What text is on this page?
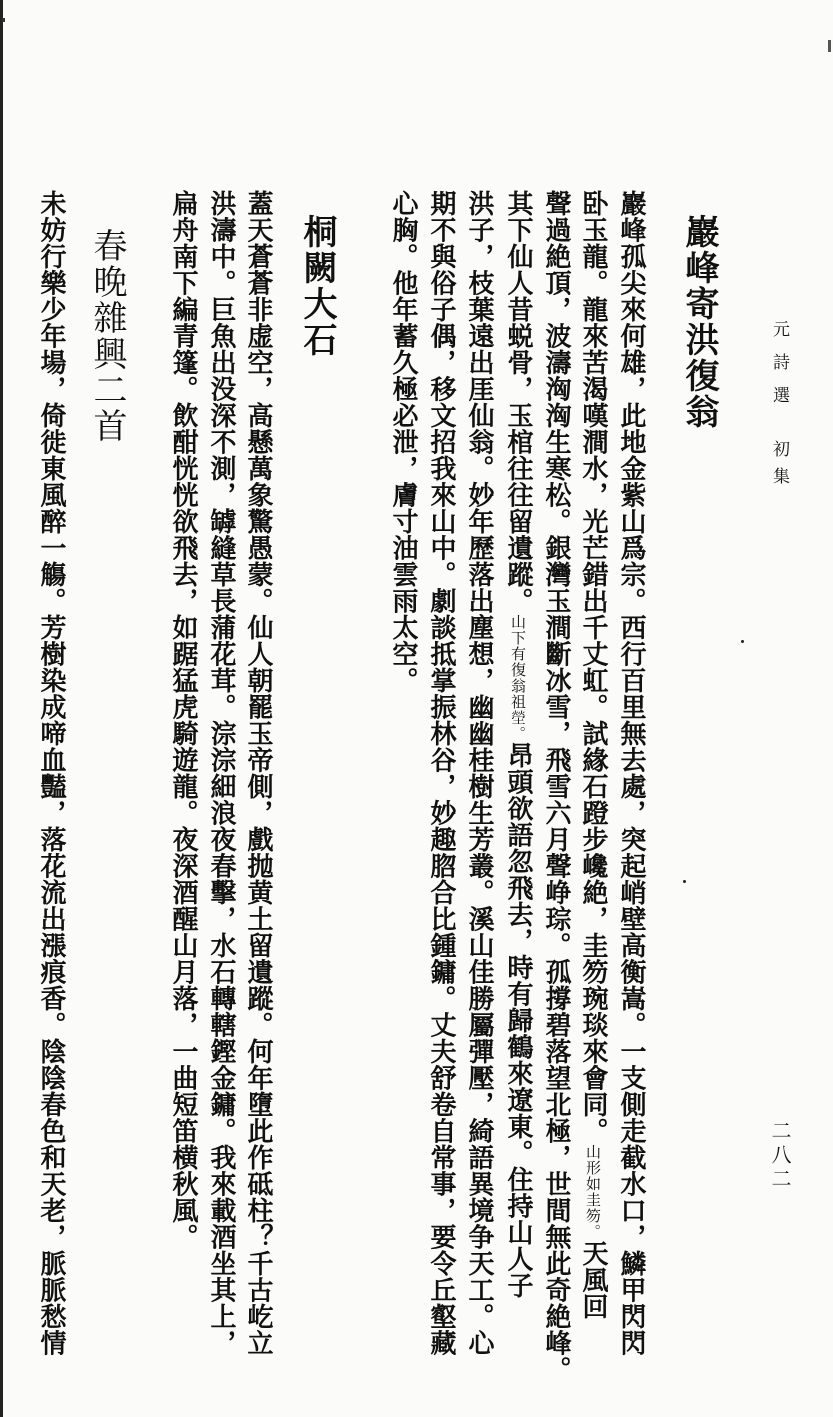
元詩選
初集
二八二
巖峰寄洪復翁
巖峰孤尖來何雄，此地金紫山爲宗。西行百里無去處，突起峭壁高衡嵩。一支側走截水口，鱗甲閃閃
卧玉龍。龍來苦渴嘆澗水，光芒錯出千丈虹。試緣石蹬步巉絶，圭笏琬琰來會同。山形如圭笏。天風回
聲過絶頂，波濤洶洶生寒松。銀灣玉澗斷冰雪，飛雪六月聲峥琮。孤撐碧落望北極，世間無此奇絶峰。
其下仙人昔蜕骨，玉棺往往留遺蹤。山下有復翁祖塋。昂頭欲語忽飛去，時有歸鶴來遼東。住持山人子
洪子，枝葉遠出厓仙翁。妙年歷落出塵想，幽幽桂樹生芳叢。溪山佳勝屬彈壓，綺語異境争天工。心
期不與俗子偶，移文招我來山中。劇談抵掌振林谷，妙趣脗合比鍾鏞。丈夫舒卷自常事，要令丘壑藏
心胸。他年蓄久極必泄，膚寸油雲雨太空。
桐闕大石
蓋天蒼蒼非虚空，高懸萬象驚愚蒙。仙人朝罷玉帝側，戲抛黄土留遺蹤。何年墮此作砥柱？千古屹立
洪濤中。巨魚出没深不測，罅縫草長蒲花茸。淙淙細浪夜春擊，水石轉轄鏗金鏞。我來載酒坐其上，
扁舟南下編青篷。飲酣恍恍欲飛去，如踞猛虎騎遊龍。夜深酒醒山月落，一曲短笛横秋風。
春晚雜興二首
未妨行樂少年場，倚徙東風醉一觴。芳樹染成啼血豔，落花流出漲痕香。陰陰春色和天老，脈脈愁情
